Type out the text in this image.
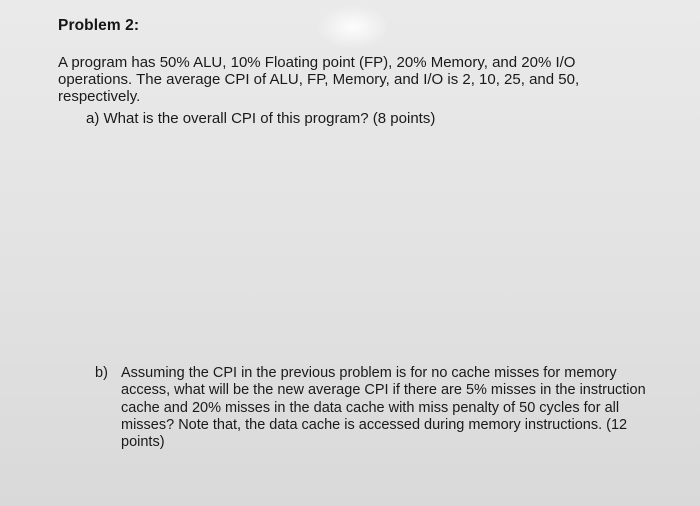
Problem 2:
A program has 50% ALU, 10% Floating point (FP), 20% Memory, and 20% I/O operations. The average CPI of ALU, FP, Memory, and I/O is 2, 10, 25, and 50, respectively.
a) What is the overall CPI of this program? (8 points)
b) Assuming the CPI in the previous problem is for no cache misses for memory access, what will be the new average CPI if there are 5% misses in the instruction cache and 20% misses in the data cache with miss penalty of 50 cycles for all misses? Note that, the data cache is accessed during memory instructions. (12 points)
